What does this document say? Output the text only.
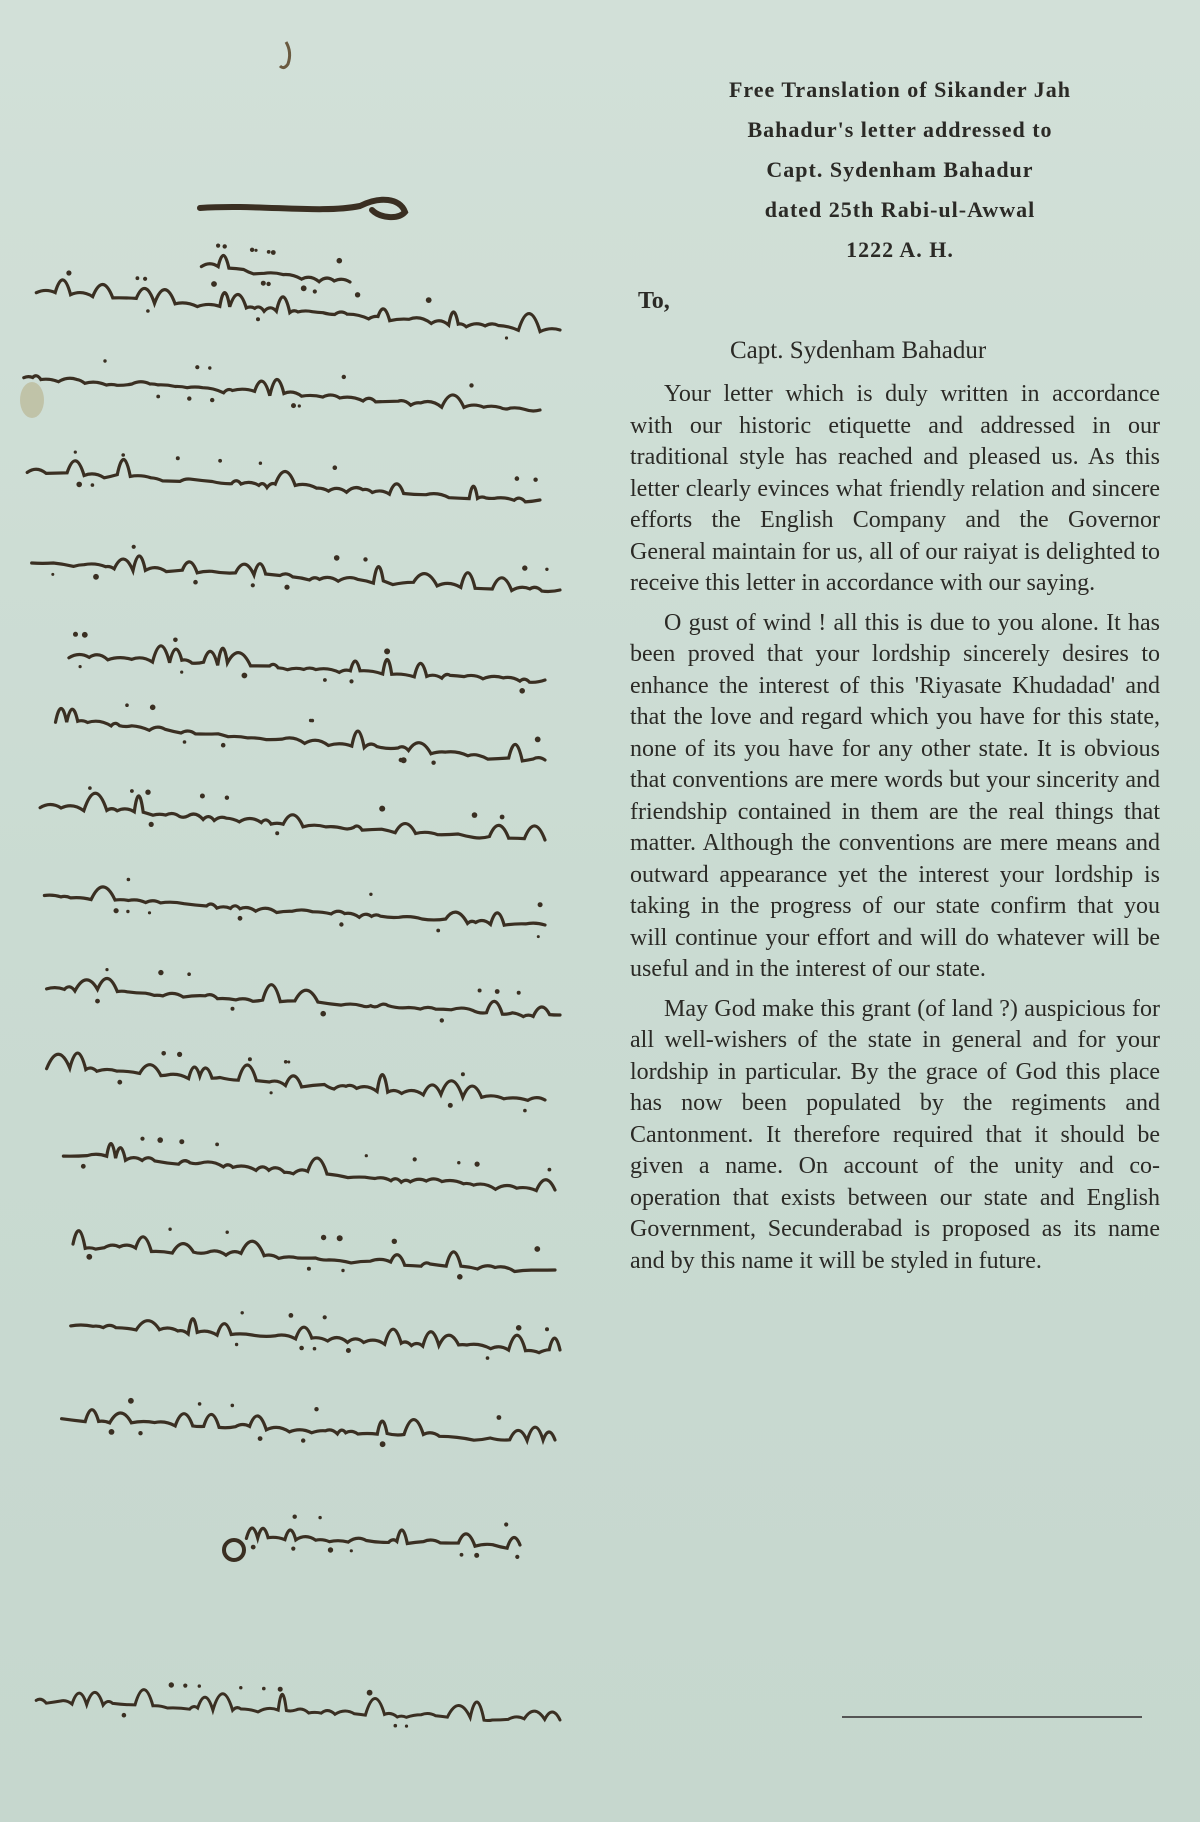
Free Translation of Sikander Jah
Bahadur's letter addressed to
Capt. Sydenham Bahadur
dated 25th Rabi-ul-Awwal
1222 A. H.
To,
Capt. Sydenham Bahadur

Your letter which is duly written in accordance with our historic etiquette and addressed in our traditional style has reached and pleased us. As this letter clearly evinces what friendly relation and sincere efforts the English Company and the Governor General maintain for us, all of our raiyat is delighted to receive this letter in accordance with our saying.

O gust of wind ! all this is due to you alone. It has been proved that your lordship sincerely desires to enhance the interest of this 'Riyasate Khudadad' and that the love and regard which you have for this state, none of its you have for any other state. It is obvious that conventions are mere words but your sincerity and friendship contained in them are the real things that matter. Although the conventions are mere means and outward appearance yet the interest your lordship is taking in the progress of our state confirm that you will continue your effort and will do whatever will be useful and in the interest of our state.

May God make this grant (of land ?) auspicious for all well-wishers of the state in general and for your lordship in particular. By the grace of God this place has now been populated by the regiments and Cantonment. It therefore required that it should be given a name. On account of the unity and co-operation that exists between our state and English Government, Secunderabad is proposed as its name and by this name it will be styled in future.
